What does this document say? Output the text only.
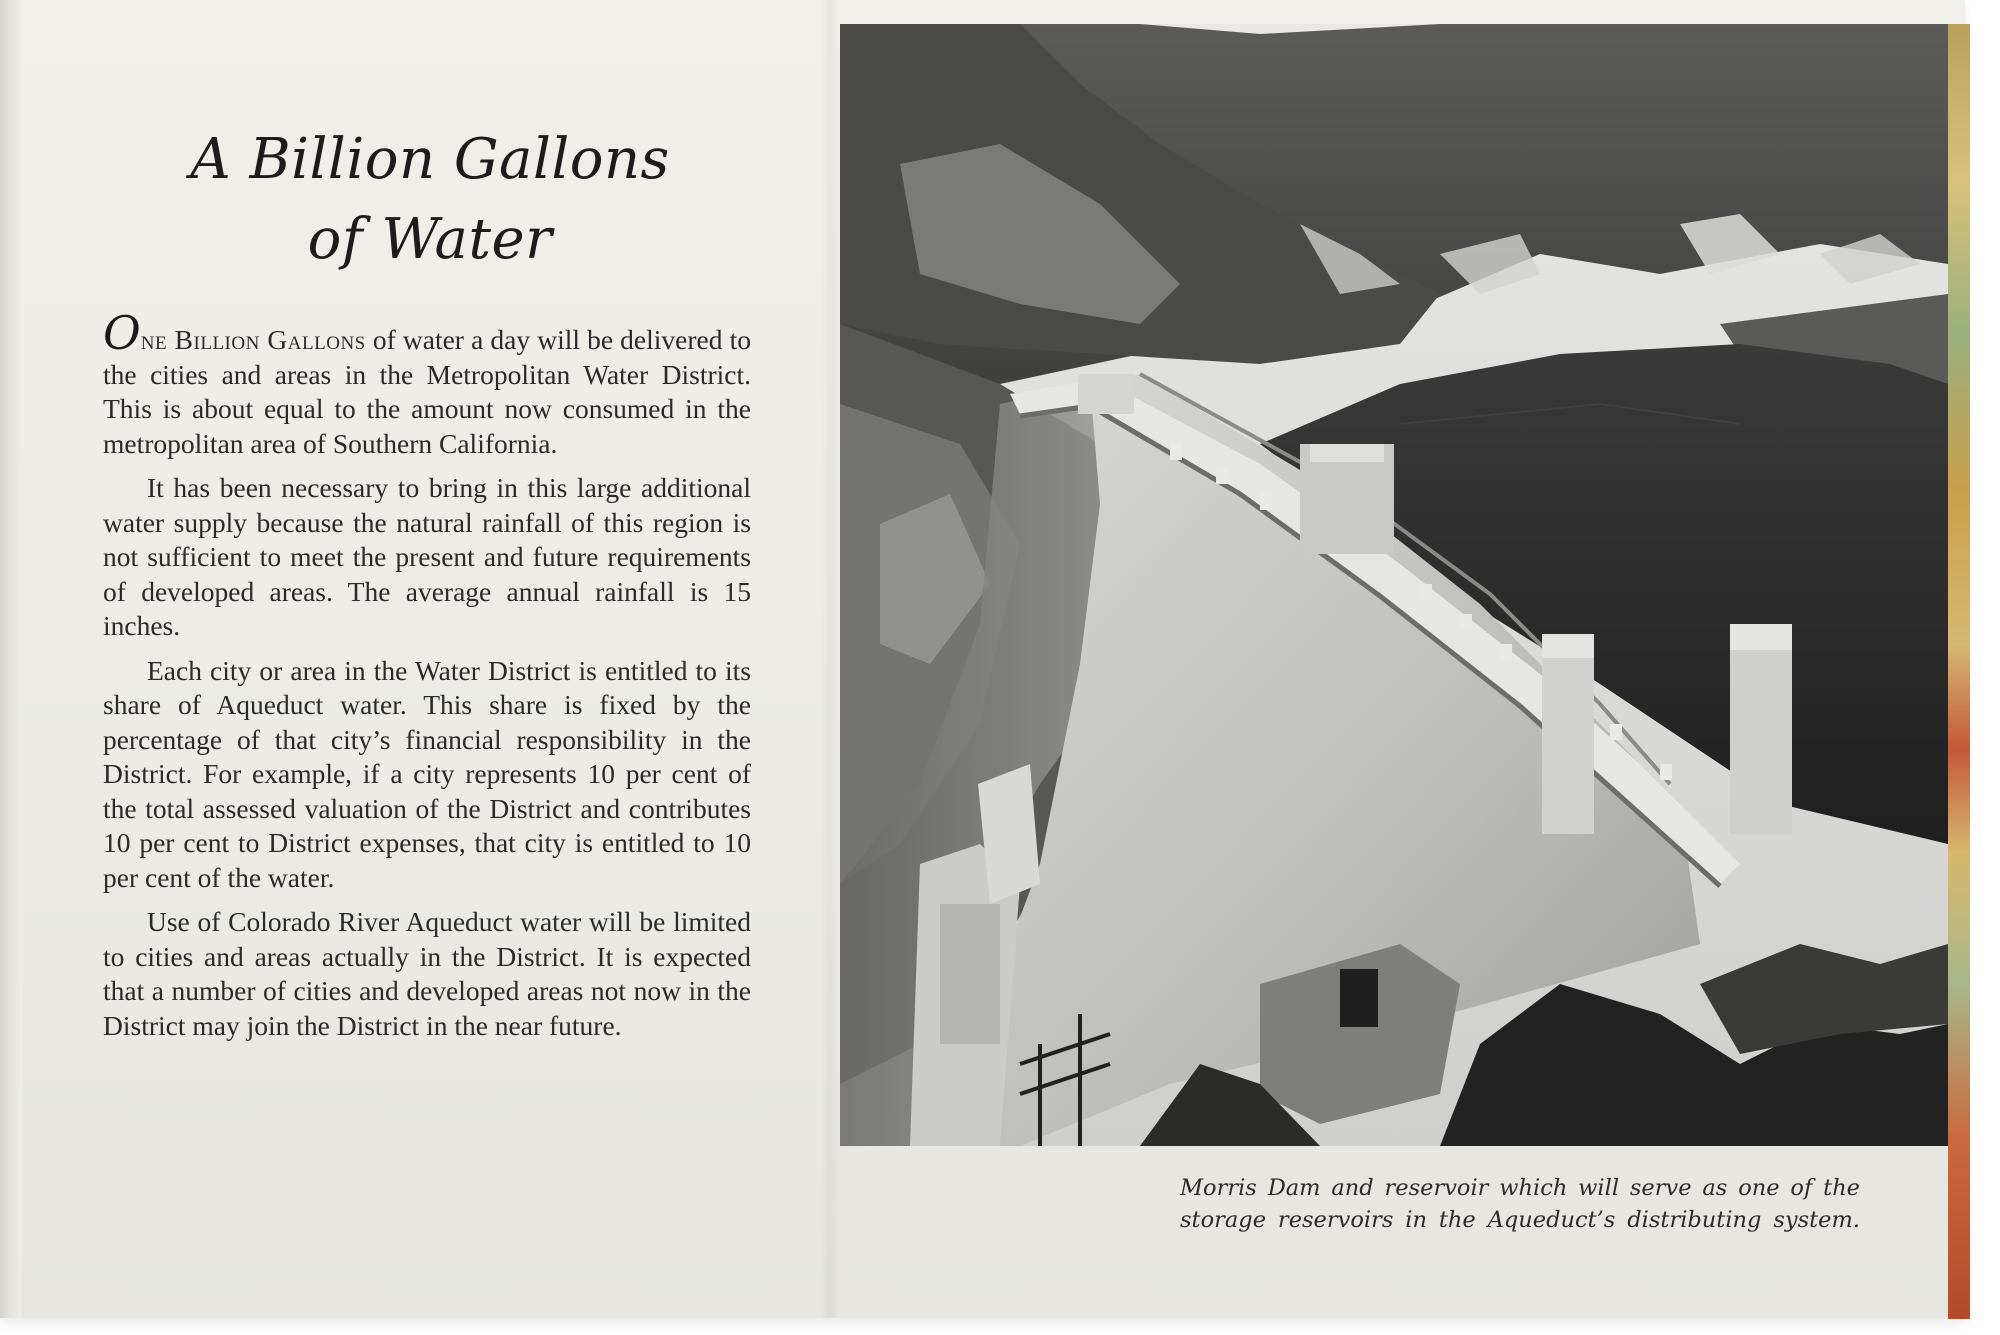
A Billion Gallons
of Water

One Billion Gallons of water a day will be delivered to the cities and areas in the Metropolitan Water District. This is about equal to the amount now consumed in the metropolitan area of Southern California.

It has been necessary to bring in this large additional water supply because the natural rainfall of this region is not sufficient to meet the present and future requirements of developed areas. The average annual rainfall is 15 inches.

Each city or area in the Water District is entitled to its share of Aqueduct water. This share is fixed by the percentage of that city’s financial responsibility in the District. For example, if a city represents 10 per cent of the total assessed valuation of the District and contributes 10 per cent to District expenses, that city is entitled to 10 per cent of the water.

Use of Colorado River Aqueduct water will be limited to cities and areas actually in the District. It is expected that a number of cities and developed areas not now in the District may join the District in the near future.

Morris Dam and reservoir which will serve as one of the
storage reservoirs in the Aqueduct’s distributing system.
